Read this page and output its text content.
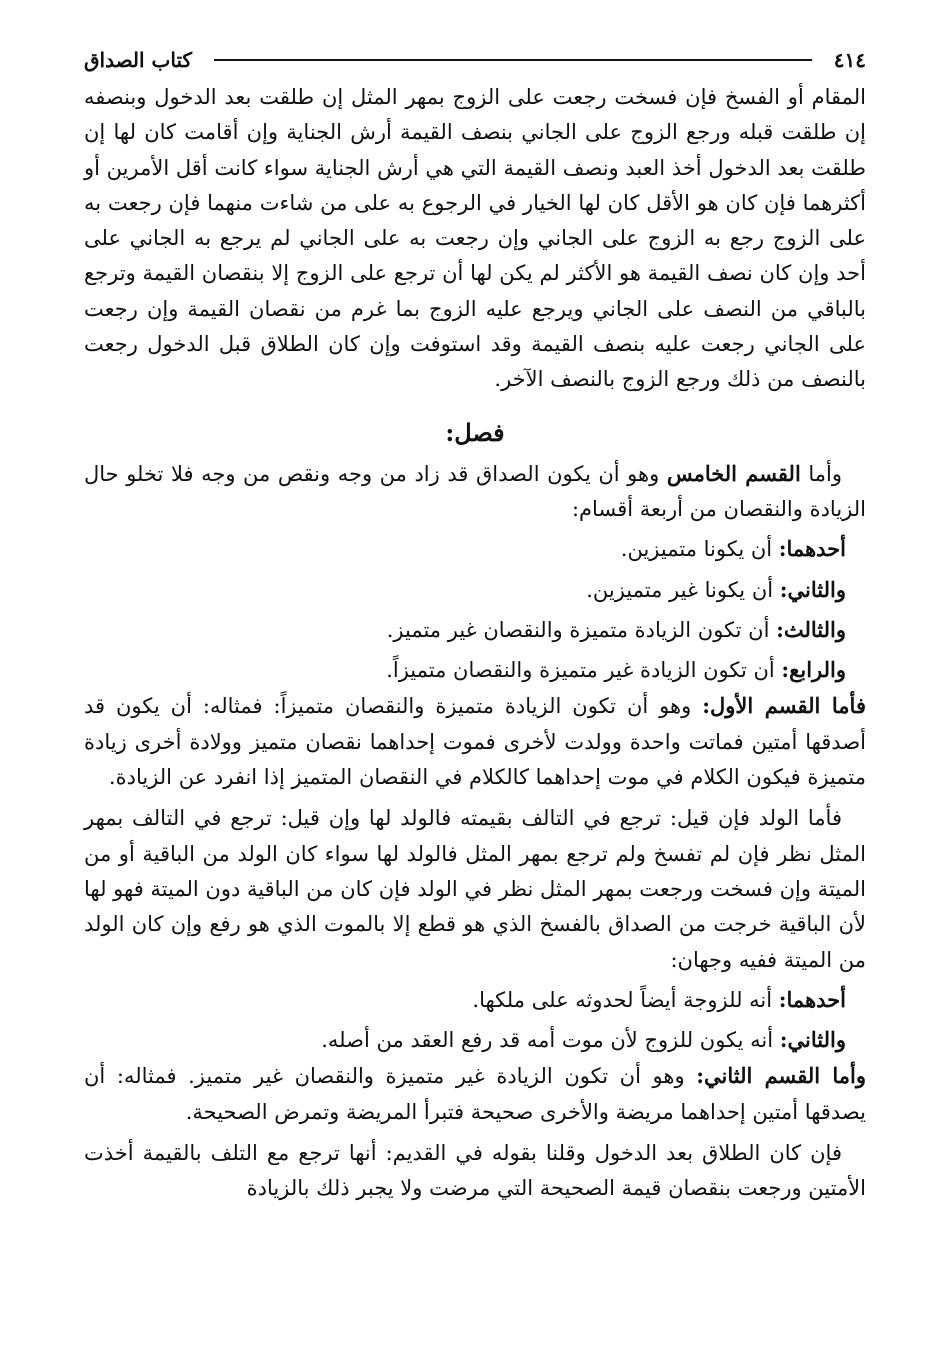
٤١٤
كتاب الصداق

المقام أو الفسخ فإن فسخت رجعت على الزوج بمهر المثل إن طلقت بعد الدخول وبنصفه إن طلقت قبله ورجع الزوج على الجاني بنصف القيمة أرش الجناية وإن أقامت كان لها إن طلقت بعد الدخول أخذ العبد ونصف القيمة التي هي أرش الجناية سواء كانت أقل الأمرين أو أكثرهما فإن كان هو الأقل كان لها الخيار في الرجوع به على من شاءت منهما فإن رجعت به على الزوج رجع به الزوج على الجاني وإن رجعت به على الجاني لم يرجع به الجاني على أحد وإن كان نصف القيمة هو الأكثر لم يكن لها أن ترجع على الزوج إلا بنقصان القيمة وترجع بالباقي من النصف على الجاني ويرجع عليه الزوج بما غرم من نقصان القيمة وإن رجعت على الجاني رجعت عليه بنصف القيمة وقد استوفت وإن كان الطلاق قبل الدخول رجعت بالنصف من ذلك ورجع الزوج بالنصف الآخر.

فصل:

وأما القسم الخامس وهو أن يكون الصداق قد زاد من وجه ونقص من وجه فلا تخلو حال الزيادة والنقصان من أربعة أقسام:

أحدهما: أن يكونا متميزين.
والثاني: أن يكونا غير متميزين.
والثالث: أن تكون الزيادة متميزة والنقصان غير متميز.
والرابع: أن تكون الزيادة غير متميزة والنقصان متميزاً.

فأما القسم الأول: وهو أن تكون الزيادة متميزة والنقصان متميزاً: فمثاله: أن يكون قد أصدقها أمتين فماتت واحدة وولدت لأخرى فموت إحداهما نقصان متميز وولادة أخرى زيادة متميزة فيكون الكلام في موت إحداهما كالكلام في النقصان المتميز إذا انفرد عن الزيادة.

فأما الولد فإن قيل: ترجع في التالف بقيمته فالولد لها وإن قيل: ترجع في التالف بمهر المثل نظر فإن لم تفسخ ولم ترجع بمهر المثل فالولد لها سواء كان الولد من الباقية أو من الميتة وإن فسخت ورجعت بمهر المثل نظر في الولد فإن كان من الباقية دون الميتة فهو لها لأن الباقية خرجت من الصداق بالفسخ الذي هو قطع إلا بالموت الذي هو رفع وإن كان الولد من الميتة ففيه وجهان:

أحدهما: أنه للزوجة أيضاً لحدوثه على ملكها.
والثاني: أنه يكون للزوج لأن موت أمه قد رفع العقد من أصله.

وأما القسم الثاني: وهو أن تكون الزيادة غير متميزة والنقصان غير متميز. فمثاله: أن يصدقها أمتين إحداهما مريضة والأخرى صحيحة فتبرأ المريضة وتمرض الصحيحة.

فإن كان الطلاق بعد الدخول وقلنا بقوله في القديم: أنها ترجع مع التلف بالقيمة أخذت الأمتين ورجعت بنقصان قيمة الصحيحة التي مرضت ولا يجبر ذلك بالزيادة
